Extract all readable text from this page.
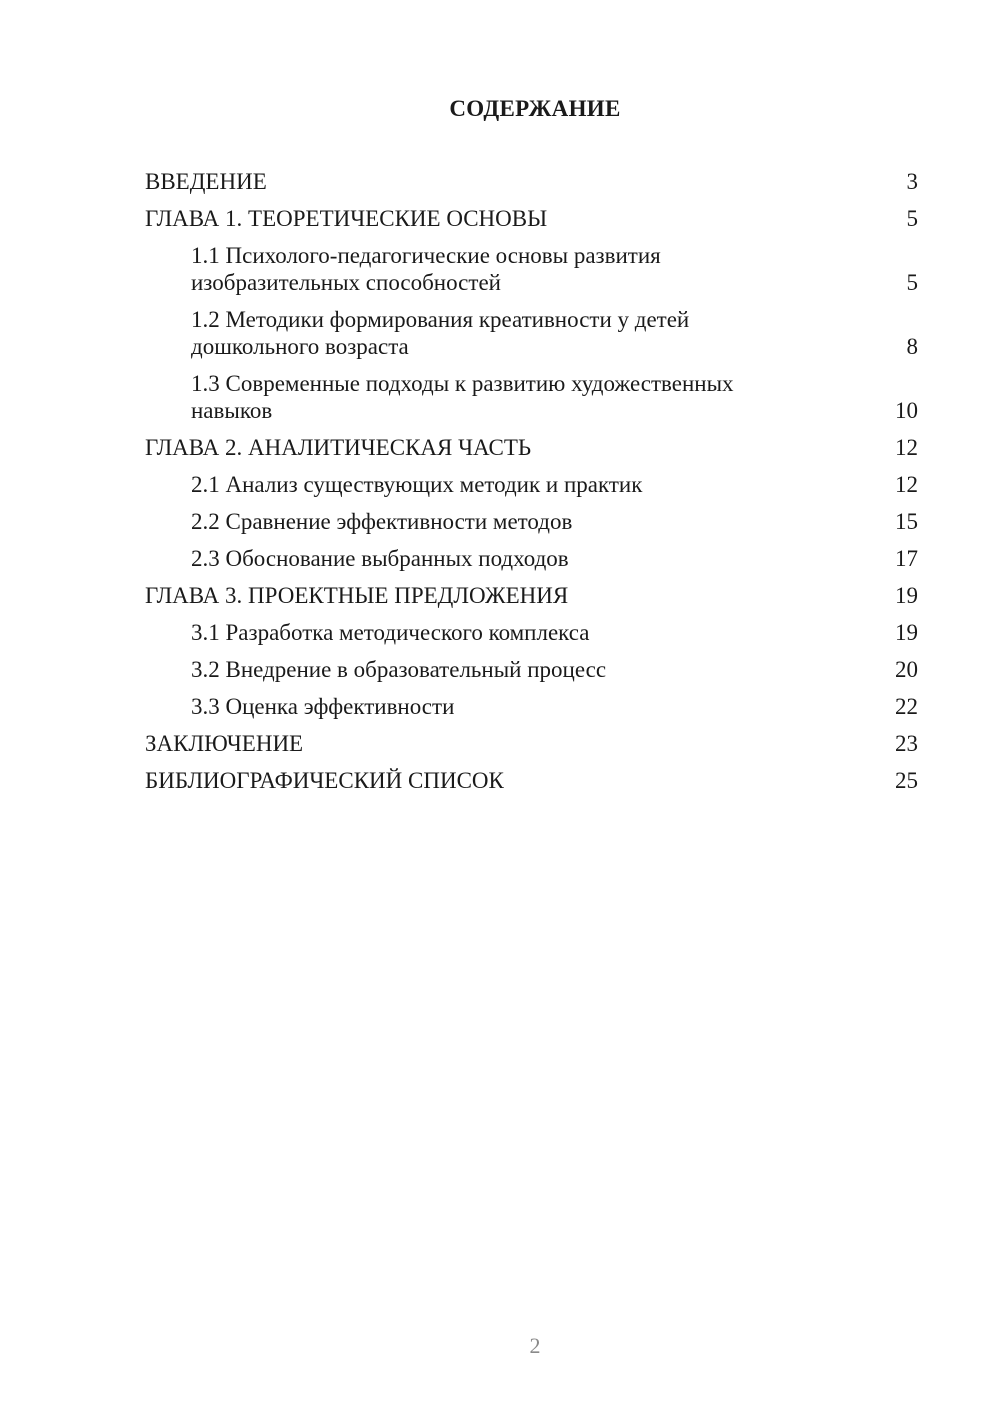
СОДЕРЖАНИЕ
ВВЕДЕНИЕ	3
ГЛАВА 1. ТЕОРЕТИЧЕСКИЕ ОСНОВЫ	5
1.1 Психолого-педагогические основы развития изобразительных способностей	5
1.2 Методики формирования креативности у детей дошкольного возраста	8
1.3 Современные подходы к развитию художественных навыков	10
ГЛАВА 2. АНАЛИТИЧЕСКАЯ ЧАСТЬ	12
2.1 Анализ существующих методик и практик	12
2.2 Сравнение эффективности методов	15
2.3 Обоснование выбранных подходов	17
ГЛАВА 3. ПРОЕКТНЫЕ ПРЕДЛОЖЕНИЯ	19
3.1 Разработка методического комплекса	19
3.2 Внедрение в образовательный процесс	20
3.3 Оценка эффективности	22
ЗАКЛЮЧЕНИЕ	23
БИБЛИОГРАФИЧЕСКИЙ СПИСОК	25
2
